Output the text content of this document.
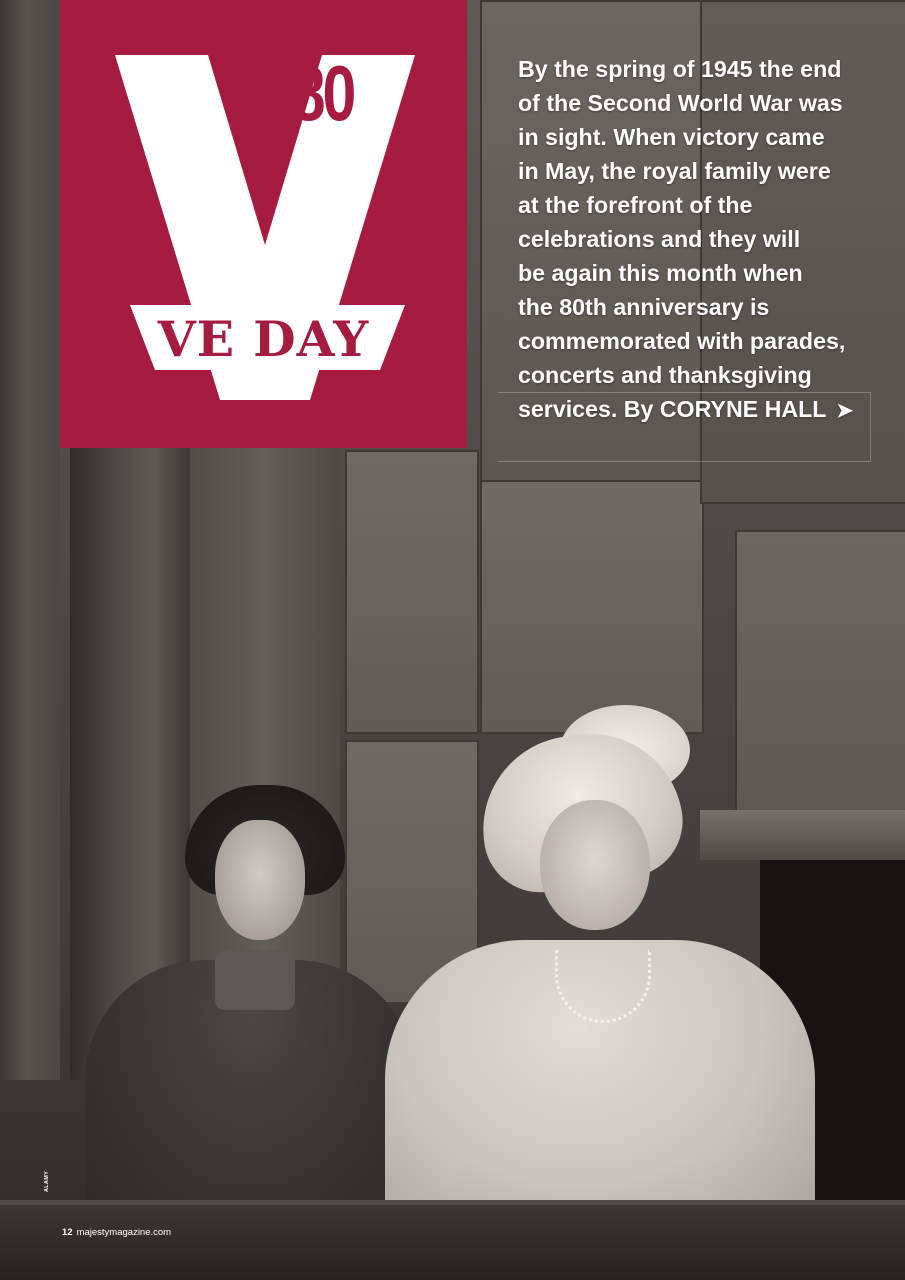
80
VE DAY
By the spring of 1945 the end
of the Second World War was
in sight. When victory came
in May, the royal family were
at the forefront of the
celebrations and they will
be again this month when
the 80th anniversary is
commemorated with parades,
concerts and thanksgiving
services. By CORYNE HALL ➤
ALAMY
12 majestymagazine.com
